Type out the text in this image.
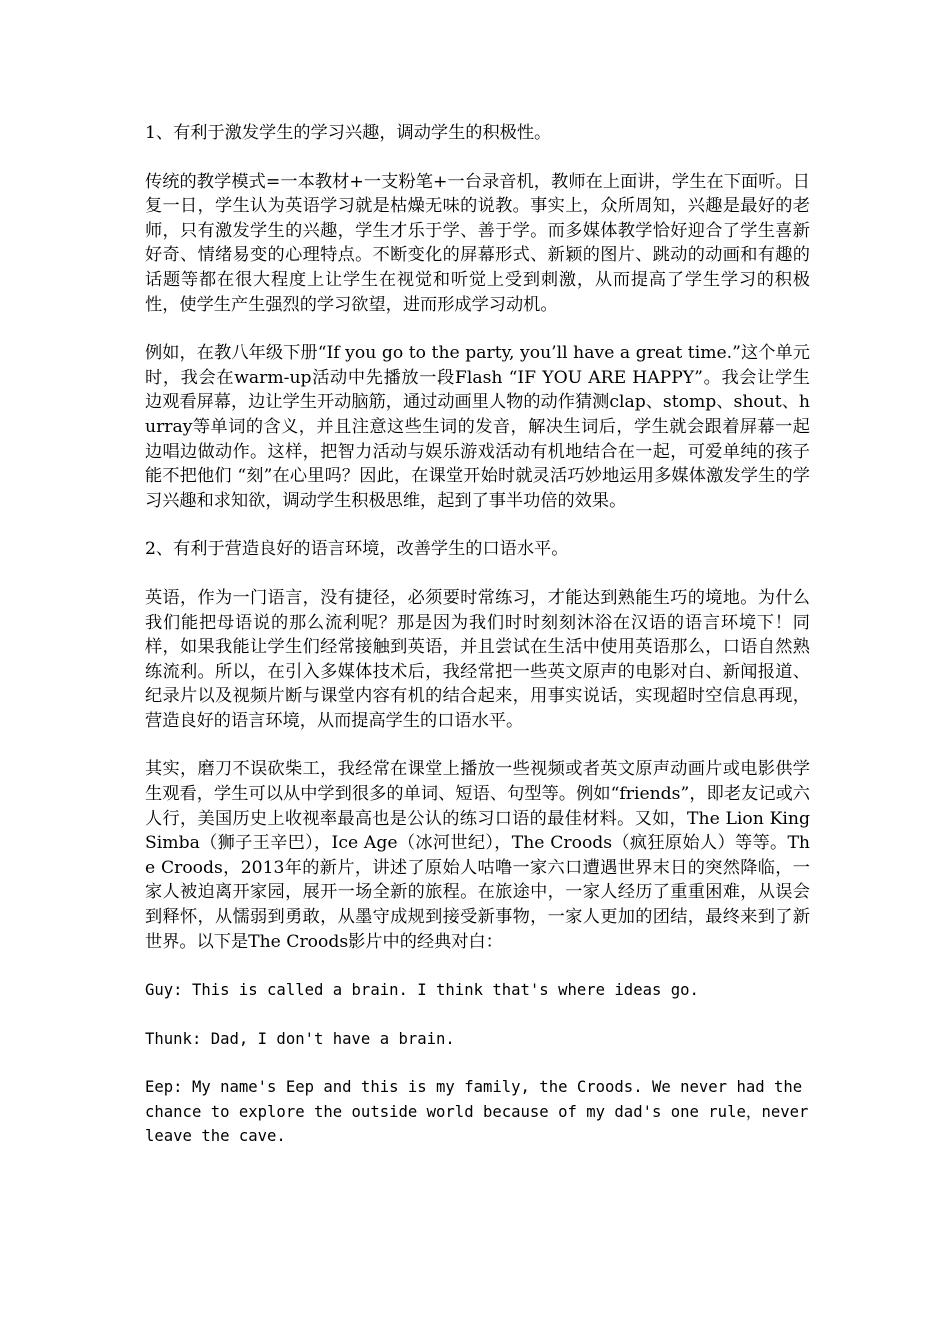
1、有利于激发学生的学习兴趣，调动学生的积极性。

传统的教学模式=一本教材+一支粉笔+一台录音机，教师在上面讲，学生在下面听。日复一日，学生认为英语学习就是枯燥无味的说教。事实上，众所周知，兴趣是最好的老师，只有激发学生的兴趣，学生才乐于学、善于学。而多媒体教学恰好迎合了学生喜新好奇、情绪易变的心理特点。不断变化的屏幕形式、新颖的图片、跳动的动画和有趣的话题等都在很大程度上让学生在视觉和听觉上受到刺激，从而提高了学生学习的积极性，使学生产生强烈的学习欲望，进而形成学习动机。

例如，在教八年级下册“If you go to the party, you’ll have a great time.”这个单元时，我会在warm-up活动中先播放一段Flash “IF YOU ARE HAPPY”。我会让学生边观看屏幕，边让学生开动脑筋，通过动画里人物的动作猜测clap、stomp、shout、hurray等单词的含义，并且注意这些生词的发音，解决生词后，学生就会跟着屏幕一起边唱边做动作。这样，把智力活动与娱乐游戏活动有机地结合在一起，可爱单纯的孩子能不把他们 “刻”在心里吗？因此，在课堂开始时就灵活巧妙地运用多媒体激发学生的学习兴趣和求知欲，调动学生积极思维，起到了事半功倍的效果。

2、有利于营造良好的语言环境，改善学生的口语水平。

英语，作为一门语言，没有捷径，必须要时常练习，才能达到熟能生巧的境地。为什么我们能把母语说的那么流利呢？那是因为我们时时刻刻沐浴在汉语的语言环境下！同样，如果我能让学生们经常接触到英语，并且尝试在生活中使用英语那么，口语自然熟练流利。所以，在引入多媒体技术后，我经常把一些英文原声的电影对白、新闻报道、纪录片以及视频片断与课堂内容有机的结合起来，用事实说话，实现超时空信息再现，营造良好的语言环境，从而提高学生的口语水平。

其实，磨刀不误砍柴工，我经常在课堂上播放一些视频或者英文原声动画片或电影供学生观看，学生可以从中学到很多的单词、短语、句型等。例如“friends”，即老友记或六人行，美国历史上收视率最高也是公认的练习口语的最佳材料。又如，The Lion King Simba（狮子王辛巴），Ice Age（冰河世纪），The Croods（疯狂原始人）等等。The Croods，2013年的新片，讲述了原始人咕噜一家六口遭遇世界末日的突然降临，一家人被迫离开家园，展开一场全新的旅程。在旅途中，一家人经历了重重困难，从误会到释怀，从懦弱到勇敢，从墨守成规到接受新事物，一家人更加的团结，最终来到了新世界。以下是The Croods影片中的经典对白：

Guy: This is called a brain. I think that's where ideas go.

Thunk: Dad, I don't have a brain.

Eep: My name's Eep and this is my family, the Croods. We never had the chance to explore the outside world because of my dad's one rule，never leave the cave.
